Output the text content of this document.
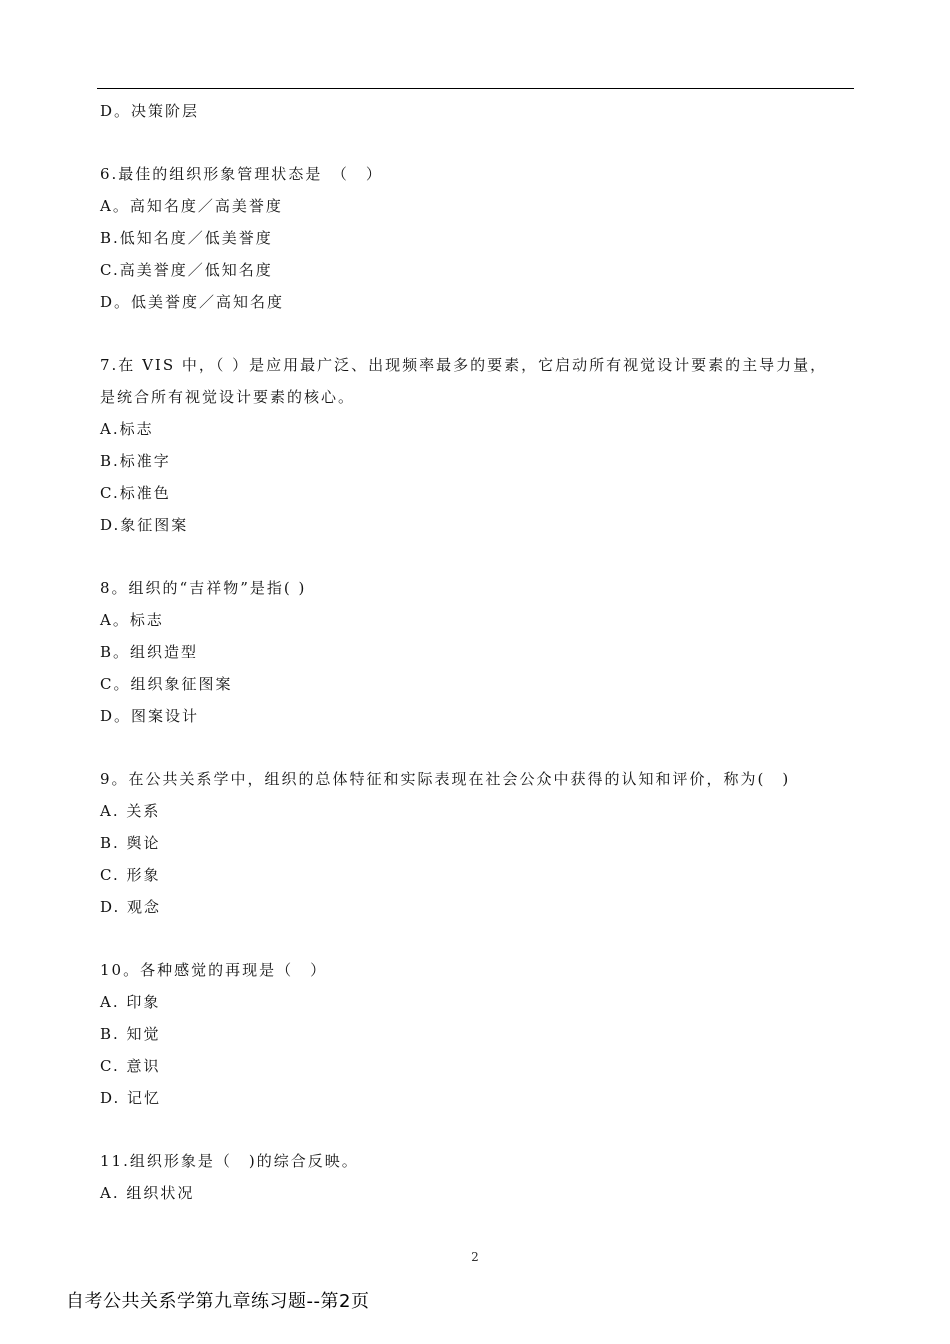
D。决策阶层
6.最佳的组织形象管理状态是　（　）
A。高知名度／高美誉度
B.低知名度／低美誉度
C.高美誉度／低知名度
D。低美誉度／高知名度
7.在 VIS 中，（ ）是应用最广泛、出现频率最多的要素，它启动所有视觉设计要素的主导力量，
是统合所有视觉设计要素的核心。
A.标志
B.标准字
C.标准色
D.象征图案
8。组织的“吉祥物”是指( )
A。标志
B。组织造型
C。组织象征图案
D。图案设计
9。在公共关系学中，组织的总体特征和实际表现在社会公众中获得的认知和评价，称为(　)
A. 关系
B. 舆论
C. 形象
D. 观念
10。各种感觉的再现是（　）
A. 印象
B. 知觉
C. 意识
D. 记忆
11.组织形象是（　)的综合反映。
A. 组织状况
2
自考公共关系学第九章练习题--第2页
